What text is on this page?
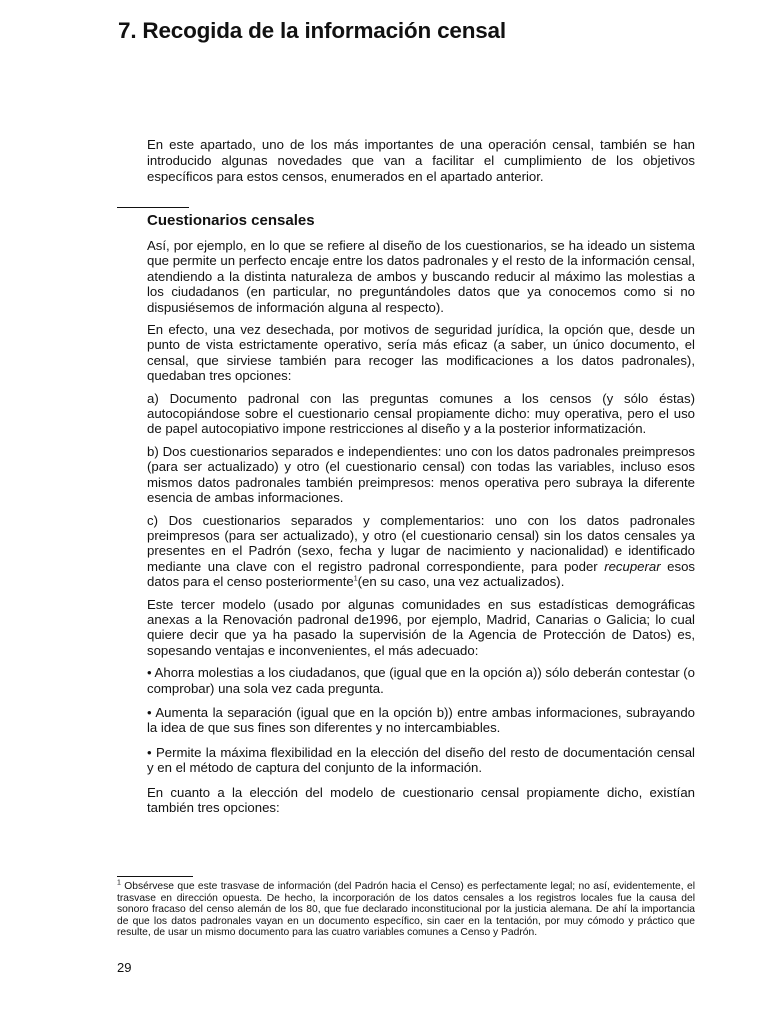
7. Recogida de la información censal

En este apartado, uno de los más importantes de una operación censal, también se han introducido algunas novedades que van a facilitar el cumplimiento de los objetivos específicos para estos censos, enumerados en el apartado anterior.

Cuestionarios censales

Así, por ejemplo, en lo que se refiere al diseño de los cuestionarios, se ha ideado un sistema que permite un perfecto encaje entre los datos padronales y el resto de la información censal, atendiendo a la distinta naturaleza de ambos y buscando reducir al máximo las molestias a los ciudadanos (en particular, no preguntándoles datos que ya conocemos como si no dispusiésemos de información alguna al respecto).

En efecto, una vez desechada, por motivos de seguridad jurídica, la opción que, desde un punto de vista estrictamente operativo, sería más eficaz (a saber, un único documento, el censal, que sirviese también para recoger las modificaciones a los datos padronales), quedaban tres opciones:

a) Documento padronal con las preguntas comunes a los censos (y sólo éstas) autocopiándose sobre el cuestionario censal propiamente dicho: muy operativa, pero el uso de papel autocopiativo impone restricciones al diseño y a la posterior informatización.

b) Dos cuestionarios separados e independientes: uno con los datos padronales preimpresos (para ser actualizado) y otro (el cuestionario censal) con todas las variables, incluso esos mismos datos padronales también preimpresos: menos operativa pero subraya la diferente esencia de ambas informaciones.

c) Dos cuestionarios separados y complementarios: uno con los datos padronales preimpresos (para ser actualizado), y otro (el cuestionario censal) sin los datos censales ya presentes en el Padrón (sexo, fecha y lugar de nacimiento y nacionalidad) e identificado mediante una clave con el registro padronal correspondiente, para poder recuperar esos datos para el censo posteriormente$^1$(en su caso, una vez actualizados).

Este tercer modelo (usado por algunas comunidades en sus estadísticas demográficas anexas a la Renovación padronal de1996, por ejemplo, Madrid, Canarias o Galicia; lo cual quiere decir que ya ha pasado la supervisión de la Agencia de Protección de Datos) es, sopesando ventajas e inconvenientes, el más adecuado:

• Ahorra molestias a los ciudadanos, que (igual que en la opción a)) sólo deberán contestar (o comprobar) una sola vez cada pregunta.

• Aumenta la separación (igual que en la opción b)) entre ambas informaciones, subrayando la idea de que sus fines son diferentes y no intercambiables.

• Permite la máxima flexibilidad en la elección del diseño del resto de documentación censal y en el método de captura del conjunto de la información.

En cuanto a la elección del modelo de cuestionario censal propiamente dicho, existían también tres opciones:

$^1$ Obsérvese que este trasvase de información (del Padrón hacia el Censo) es perfectamente legal; no así, evidentemente, el trasvase en dirección opuesta. De hecho, la incorporación de los datos censales a los registros locales fue la causa del sonoro fracaso del censo alemán de los 80, que fue declarado inconstitucional por la justicia alemana. De ahí la importancia de que los datos padronales vayan en un documento específico, sin caer en la tentación, por muy cómodo y práctico que resulte, de usar un mismo documento para las cuatro variables comunes a Censo y Padrón.

29
